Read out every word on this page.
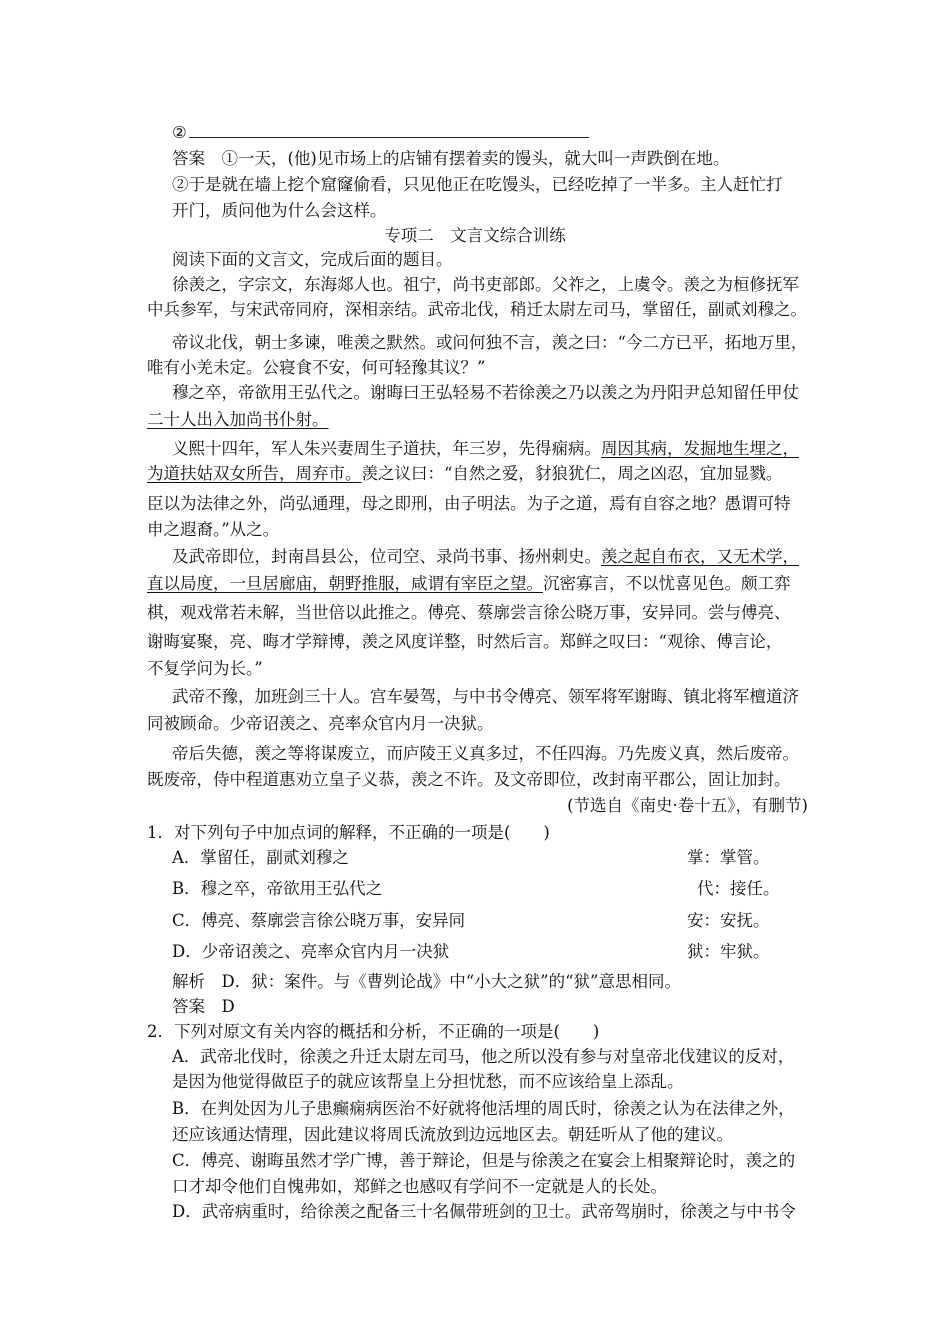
②
答案　①一天，(他)见市场上的店铺有摆着卖的馒头，就大叫一声跌倒在地。
②于是就在墙上挖个窟窿偷看，只见他正在吃馒头，已经吃掉了一半多。主人赶忙打
开门，质问他为什么会这样。
专项二　文言文综合训练
阅读下面的文言文，完成后面的题目。
徐羡之，字宗文，东海郯人也。祖宁，尚书吏部郎。父祚之，上虞令。羡之为桓修抚军
中兵参军，与宋武帝同府，深相亲结。武帝北伐，稍迁太尉左司马，掌留任，副贰刘穆之。
帝议北伐，朝士多谏，唯羡之默然。或问何独不言，羡之曰：“今二方已平，拓地万里，
唯有小羌未定。公寝食不安，何可轻豫其议？”
穆之卒，帝欲用王弘代之。谢晦曰王弘轻易不若徐羡之乃以羡之为丹阳尹总知留任甲仗
二十人出入加尚书仆射。
义熙十四年，军人朱兴妻周生子道扶，年三岁，先得痫病。周因其病，发掘地生埋之，
为道扶姑双女所告，周弃市。羡之议曰：“自然之爱，豺狼犹仁，周之凶忍，宜加显戮。
臣以为法律之外，尚弘通理，母之即刑，由子明法。为子之道，焉有自容之地？愚谓可特
申之遐裔。”从之。
及武帝即位，封南昌县公，位司空、录尚书事、扬州刺史。羡之起自布衣，又无术学，
直以局度，一旦居廊庙，朝野推服，咸谓有宰臣之望。沉密寡言，不以忧喜见色。颇工弈
棋，观戏常若未解，当世倍以此推之。傅亮、蔡廓尝言徐公晓万事，安异同。尝与傅亮、
谢晦宴聚，亮、晦才学辩博，羡之风度详整，时然后言。郑鲜之叹曰：“观徐、傅言论，
不复学问为长。”
武帝不豫，加班剑三十人。宫车晏驾，与中书令傅亮、领军将军谢晦、镇北将军檀道济
同被顾命。少帝诏羡之、亮率众官内月一决狱。
帝后失德，羡之等将谋废立，而庐陵王义真多过，不任四海。乃先废义真，然后废帝。
既废帝，侍中程道惠劝立皇子义恭，羡之不许。及文帝即位，改封南平郡公，固让加封。
(节选自《南史·卷十五》，有删节)
1．对下列句子中加点词的解释，不正确的一项是(　　)
A．掌留任，副贰刘穆之	掌：掌管。
B．穆之卒，帝欲用王弘代之	代：接任。
C．傅亮、蔡廓尝言徐公晓万事，安异同	安：安抚。
D．少帝诏羡之、亮率众官内月一决狱	狱：牢狱。
解析　D．狱：案件。与《曹刿论战》中“小大之狱”的“狱”意思相同。
答案　D
2．下列对原文有关内容的概括和分析，不正确的一项是(　　)
A．武帝北伐时，徐羡之升迁太尉左司马，他之所以没有参与对皇帝北伐建议的反对，
是因为他觉得做臣子的就应该帮皇上分担忧愁，而不应该给皇上添乱。
B．在判处因为儿子患癫痫病医治不好就将他活埋的周氏时，徐羡之认为在法律之外，
还应该通达情理，因此建议将周氏流放到边远地区去。朝廷听从了他的建议。
C．傅亮、谢晦虽然才学广博，善于辩论，但是与徐羡之在宴会上相聚辩论时，羡之的
口才却令他们自愧弗如，郑鲜之也感叹有学问不一定就是人的长处。
D．武帝病重时，给徐羡之配备三十名佩带班剑的卫士。武帝驾崩时，徐羡之与中书令
